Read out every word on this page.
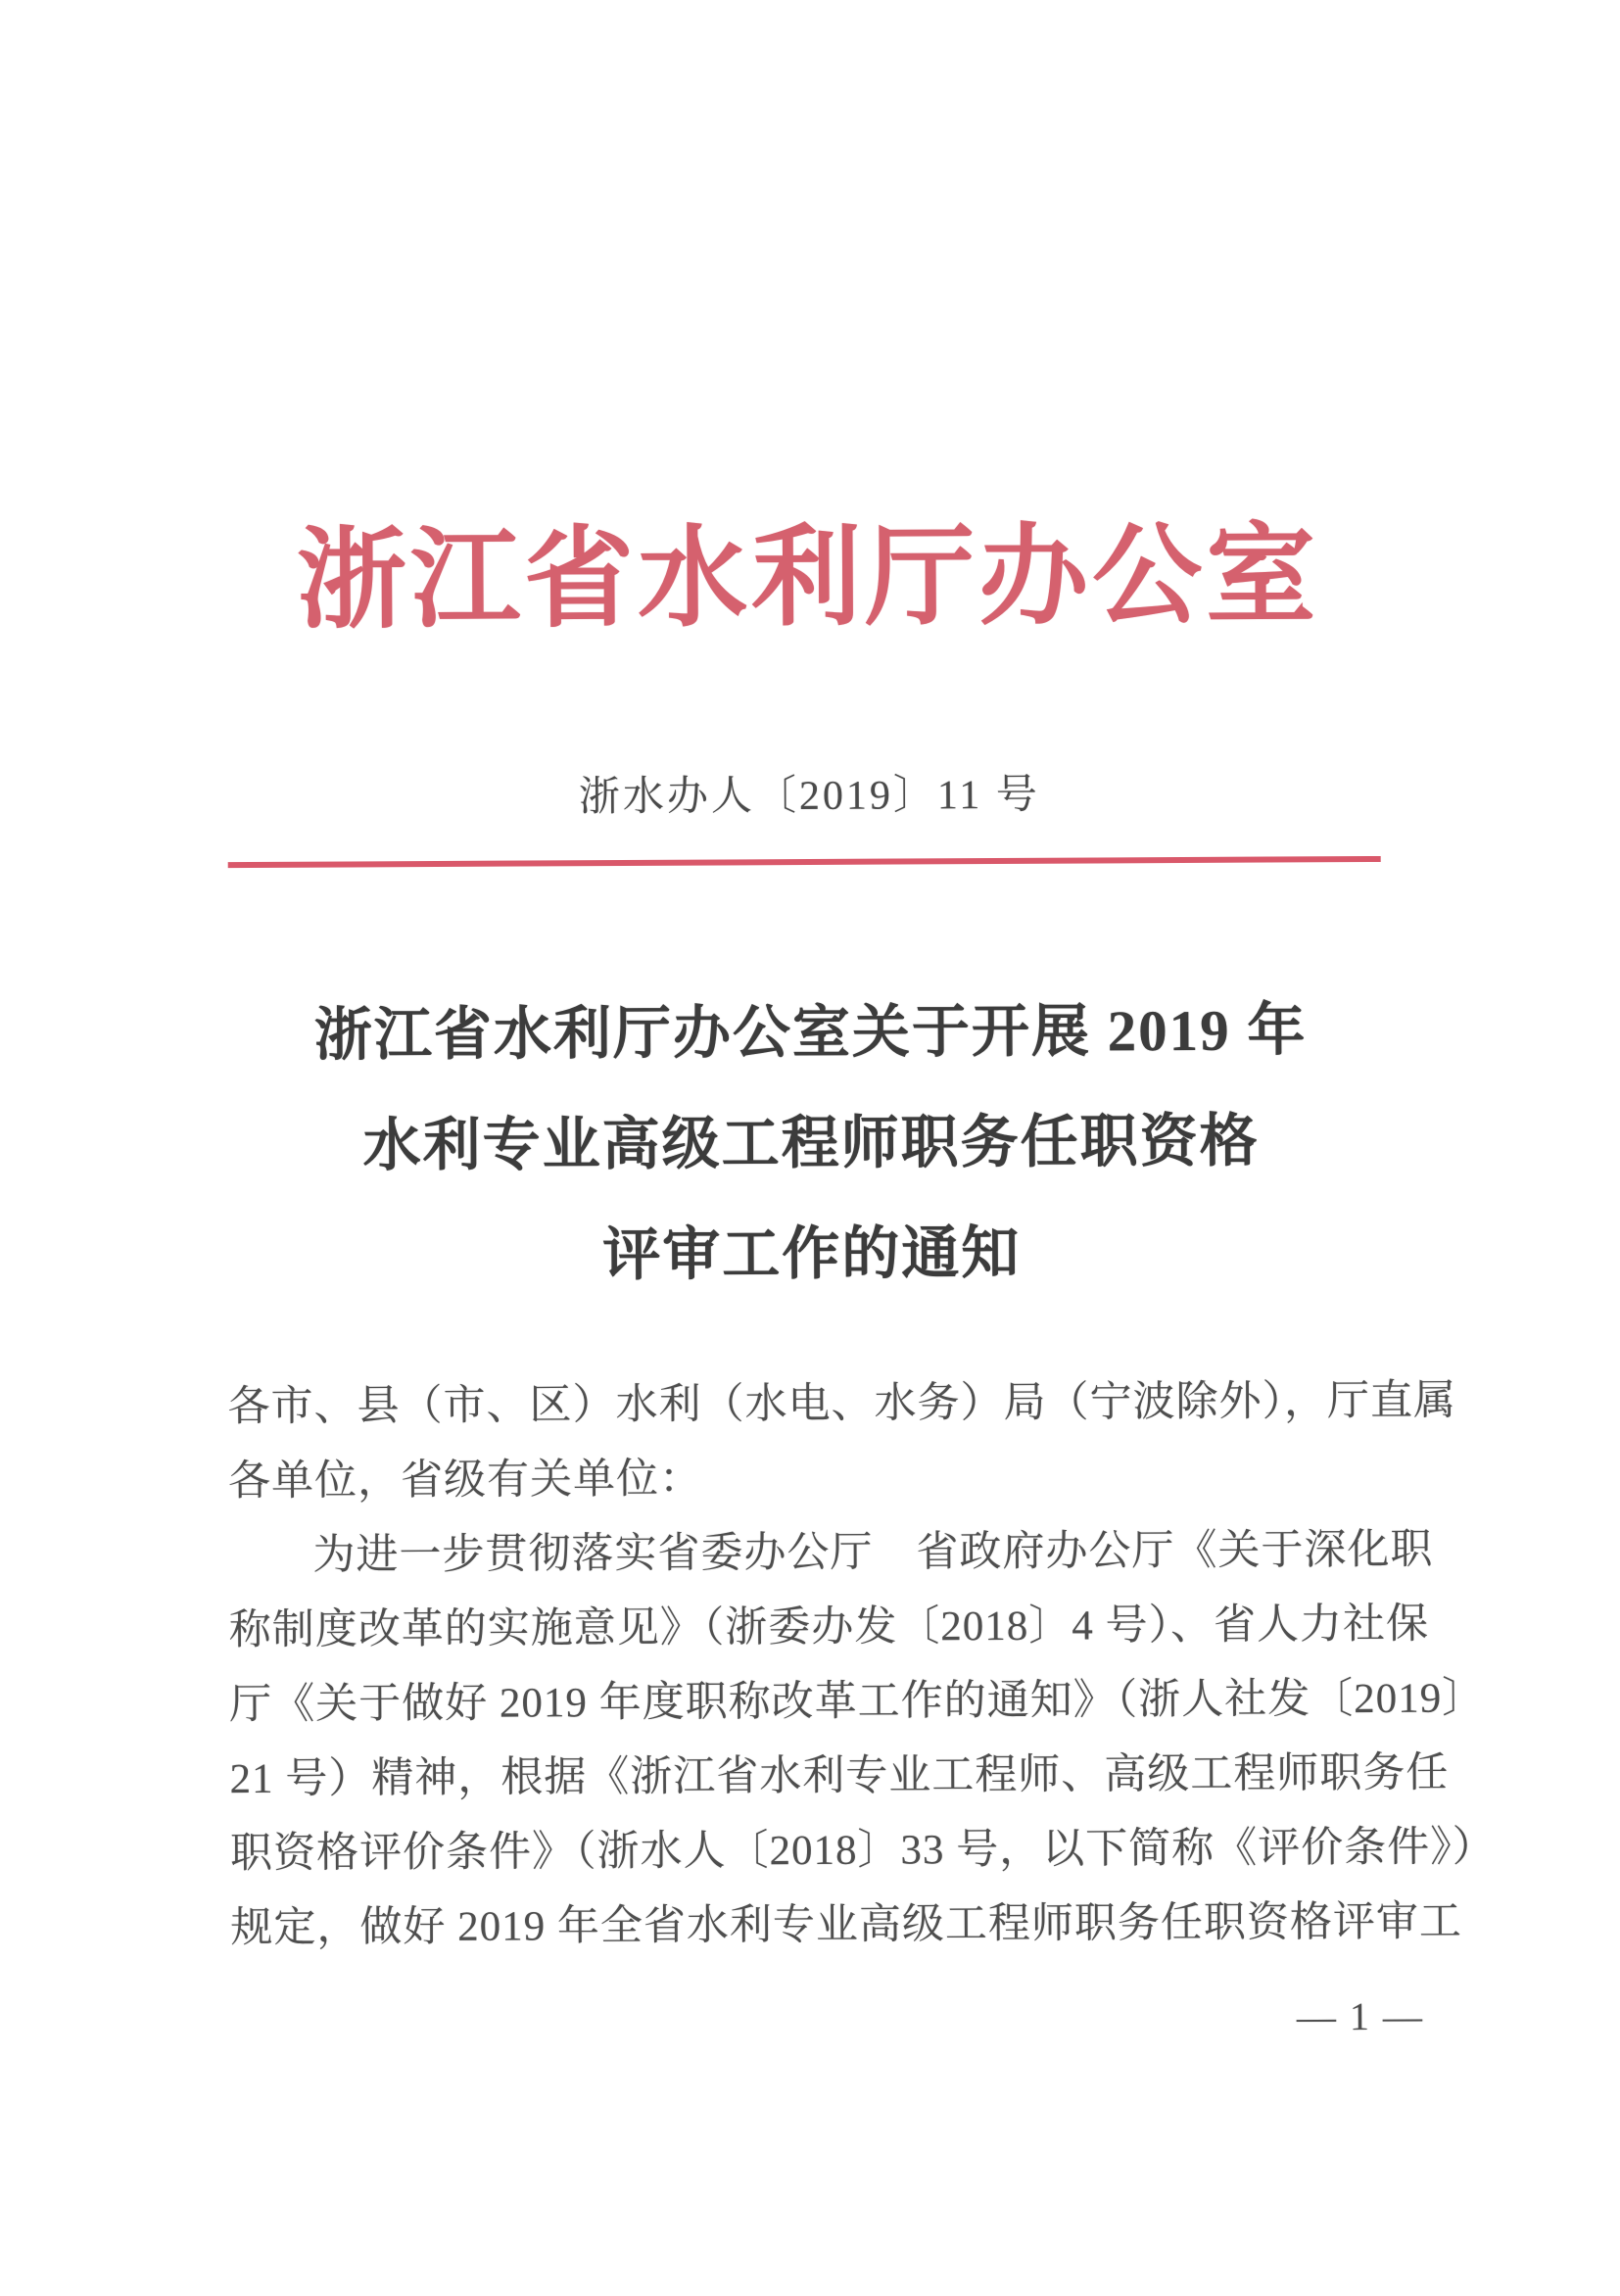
浙江省水利厅办公室
浙水办人〔2019〕11 号
浙江省水利厅办公室关于开展 2019 年
水利专业高级工程师职务任职资格
评审工作的通知
各市、县（市、区）水利（水电、水务）局（宁波除外），厅直属
各单位，省级有关单位：
为进一步贯彻落实省委办公厅　省政府办公厅《关于深化职
称制度改革的实施意见》（浙委办发〔2018〕4 号）、省人力社保
厅《关于做好 2019 年度职称改革工作的通知》（浙人社发〔2019〕
21 号）精神，根据《浙江省水利专业工程师、高级工程师职务任
职资格评价条件》（浙水人〔2018〕33 号，以下简称《评价条件》）
规定，做好 2019 年全省水利专业高级工程师职务任职资格评审工
— 1 —
